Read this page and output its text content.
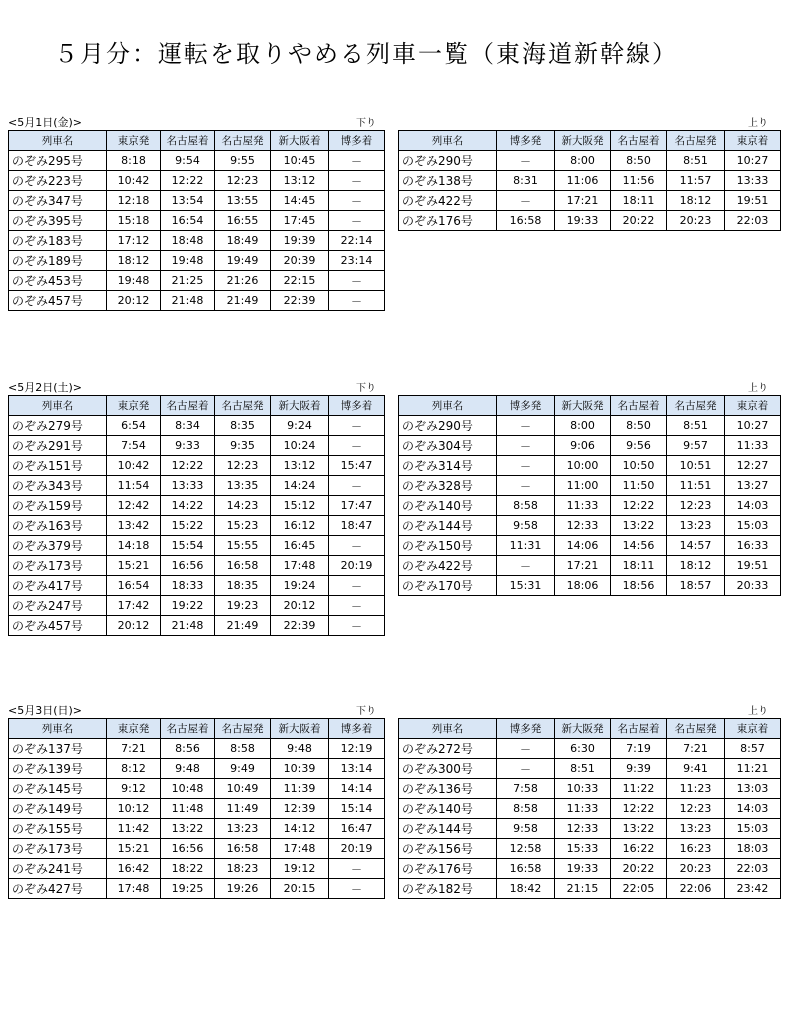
５月分：運転を取りやめる列車一覧（東海道新幹線）
<5月1日(金)>	下り	上り
列車名	東京発	名古屋着	名古屋発	新大阪着	博多着
のぞみ295号	8:18	9:54	9:55	10:45	－
のぞみ223号	10:42	12:22	12:23	13:12	－
のぞみ347号	12:18	13:54	13:55	14:45	－
のぞみ395号	15:18	16:54	16:55	17:45	－
のぞみ183号	17:12	18:48	18:49	19:39	22:14
のぞみ189号	18:12	19:48	19:49	20:39	23:14
のぞみ453号	19:48	21:25	21:26	22:15	－
のぞみ457号	20:12	21:48	21:49	22:39	－
列車名	博多発	新大阪発	名古屋着	名古屋発	東京着
のぞみ290号	－	8:00	8:50	8:51	10:27
のぞみ138号	8:31	11:06	11:56	11:57	13:33
のぞみ422号	－	17:21	18:11	18:12	19:51
のぞみ176号	16:58	19:33	20:22	20:23	22:03
<5月2日(土)>	下り	上り
列車名	東京発	名古屋着	名古屋発	新大阪着	博多着
のぞみ279号	6:54	8:34	8:35	9:24	－
のぞみ291号	7:54	9:33	9:35	10:24	－
のぞみ151号	10:42	12:22	12:23	13:12	15:47
のぞみ343号	11:54	13:33	13:35	14:24	－
のぞみ159号	12:42	14:22	14:23	15:12	17:47
のぞみ163号	13:42	15:22	15:23	16:12	18:47
のぞみ379号	14:18	15:54	15:55	16:45	－
のぞみ173号	15:21	16:56	16:58	17:48	20:19
のぞみ417号	16:54	18:33	18:35	19:24	－
のぞみ247号	17:42	19:22	19:23	20:12	－
のぞみ457号	20:12	21:48	21:49	22:39	－
列車名	博多発	新大阪発	名古屋着	名古屋発	東京着
のぞみ290号	－	8:00	8:50	8:51	10:27
のぞみ304号	－	9:06	9:56	9:57	11:33
のぞみ314号	－	10:00	10:50	10:51	12:27
のぞみ328号	－	11:00	11:50	11:51	13:27
のぞみ140号	8:58	11:33	12:22	12:23	14:03
のぞみ144号	9:58	12:33	13:22	13:23	15:03
のぞみ150号	11:31	14:06	14:56	14:57	16:33
のぞみ422号	－	17:21	18:11	18:12	19:51
のぞみ170号	15:31	18:06	18:56	18:57	20:33
<5月3日(日)>	下り	上り
列車名	東京発	名古屋着	名古屋発	新大阪着	博多着
のぞみ137号	7:21	8:56	8:58	9:48	12:19
のぞみ139号	8:12	9:48	9:49	10:39	13:14
のぞみ145号	9:12	10:48	10:49	11:39	14:14
のぞみ149号	10:12	11:48	11:49	12:39	15:14
のぞみ155号	11:42	13:22	13:23	14:12	16:47
のぞみ173号	15:21	16:56	16:58	17:48	20:19
のぞみ241号	16:42	18:22	18:23	19:12	－
のぞみ427号	17:48	19:25	19:26	20:15	－
列車名	博多発	新大阪発	名古屋着	名古屋発	東京着
のぞみ272号	－	6:30	7:19	7:21	8:57
のぞみ300号	－	8:51	9:39	9:41	11:21
のぞみ136号	7:58	10:33	11:22	11:23	13:03
のぞみ140号	8:58	11:33	12:22	12:23	14:03
のぞみ144号	9:58	12:33	13:22	13:23	15:03
のぞみ156号	12:58	15:33	16:22	16:23	18:03
のぞみ176号	16:58	19:33	20:22	20:23	22:03
のぞみ182号	18:42	21:15	22:05	22:06	23:42
